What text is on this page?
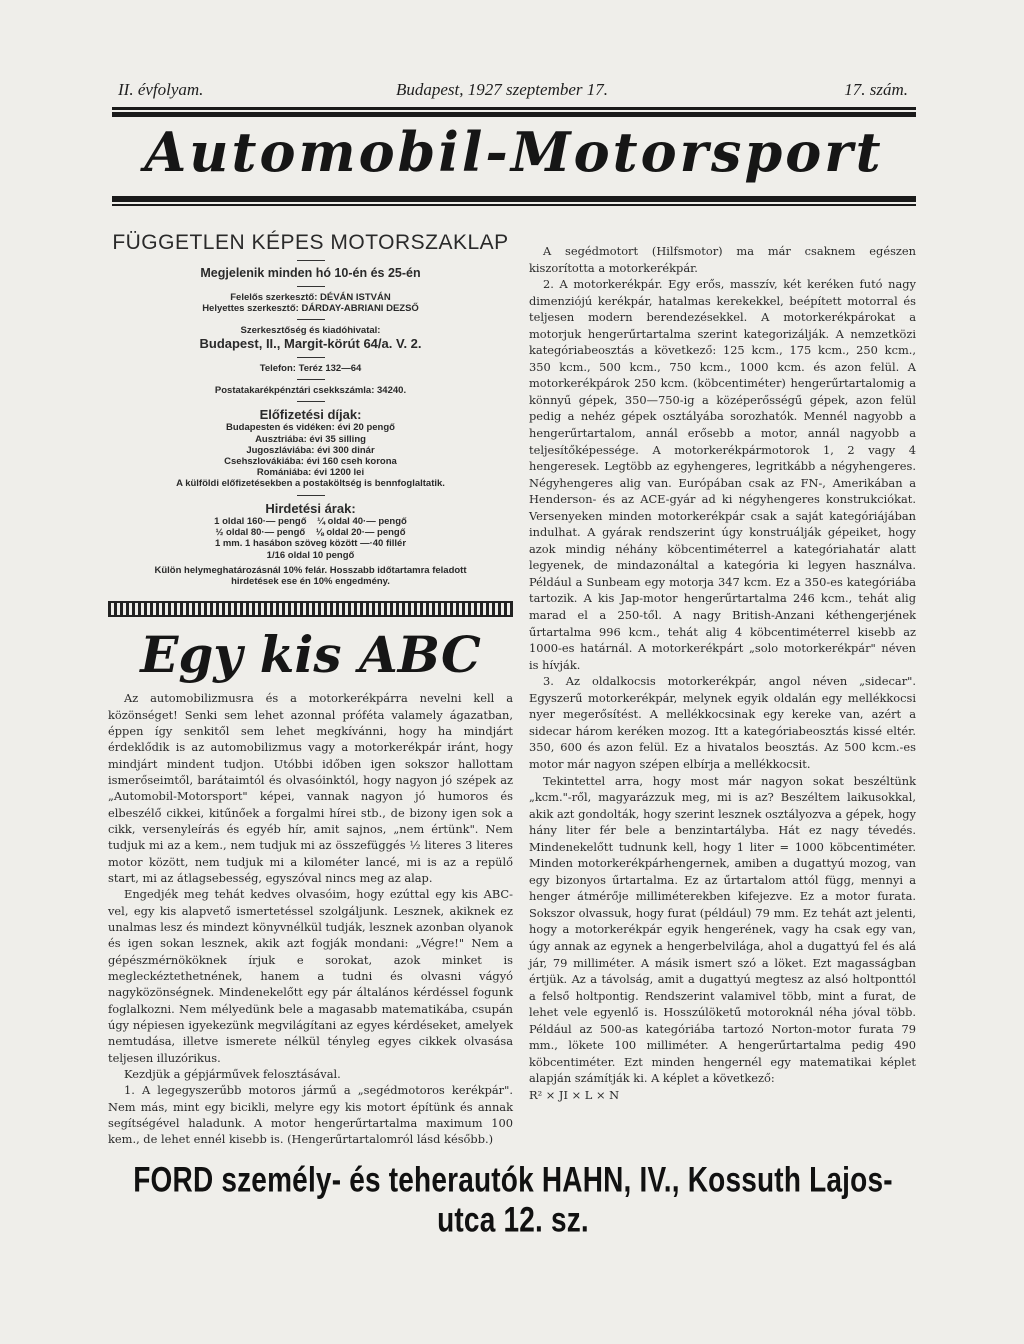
II. évfolyam.	Budapest, 1927 szeptember 17.	17. szám.
Automobil-Motorsport
FÜGGETLEN KÉPES MOTORSZAKLAP
Megjelenik minden hó 10-én és 25-én
Felelős szerkesztő: DÉVÁN ISTVÁN
Helyettes szerkesztő: DÁRDAY-ABRIANI DEZSŐ
Szerkesztőség és kiadóhivatal:
Budapest, II., Margit-körút 64/a. V. 2.
Telefon: Teréz 132—64
Postatakarékpénztári csekkszámla: 34240.
Előfizetési díjak:
Budapesten és vidéken: évi 20 pengő
Ausztriába: évi 35 silling
Jugoszláviába: évi 300 dinár
Csehszlovákiába: évi 160 cseh korona
Romániába: évi 1200 lei
A külföldi előfizetésekben a postaköltség is bennfoglaltatik.
Hirdetési árak:
1 oldal 160·— pengő    ¼ oldal 40·— pengő
½ oldal 80·— pengő    ⅛ oldal 20·— pengő
1 mm. 1 hasábon szöveg között —·40 fillér
1/16 oldal 10 pengő
Külön helymeghatározásnál 10% felár. Hosszabb időtartamra feladott
hirdetések ese én 10% engedmény.
Egy kis ABC

Az automobilizmusra és a motorkerékpárra nevelni kell a közönséget! Senki sem lehet azonnal próféta valamely ágazatban, éppen így senkitől sem lehet megkívánni, hogy ha mindjárt érdeklődik is az automobilizmus vagy a motorkerékpár iránt, hogy mindjárt mindent tudjon. Utóbbi időben igen sokszor hallottam ismerőseimtől, barátaimtól és olvasóinktól, hogy nagyon jó szépek az „Automobil-Motorsport" képei, vannak nagyon jó humoros és elbeszélő cikkei, kitűnőek a forgalmi hírei stb., de bizony igen sok a cikk, versenyleírás és egyéb hír, amit sajnos, „nem értünk". Nem tudjuk mi az a kem., nem tudjuk mi az összefüggés ½ literes 3 literes motor között, nem tudjuk mi a kilométer lancé, mi is az a repülő start, mi az átlagsebesség, egyszóval nincs meg az alap.

Engedjék meg tehát kedves olvasóim, hogy ezúttal egy kis ABC-vel, egy kis alapvető ismertetéssel szolgáljunk. Lesznek, akiknek ez unalmas lesz és mindezt könyvnélkül tudják, lesznek azonban olyanok és igen sokan lesznek, akik azt fogják mondani: „Végre!" Nem a gépészmérnököknek írjuk e sorokat, azok minket is megleckéztethetnének, hanem a tudni és olvasni vágyó nagyközönségnek. Mindenekelőtt egy pár általános kérdéssel fogunk foglalkozni. Nem mélyedünk bele a magasabb matematikába, csupán úgy népiesen igyekezünk megvilágítani az egyes kérdéseket, amelyek nemtudása, illetve ismerete nélkül tényleg egyes cikkek olvasása teljesen illuzórikus.

Kezdjük a gépjárművek felosztásával.

1. A legegyszerűbb motoros jármű a „segédmotoros kerékpár". Nem más, mint egy bicikli, melyre egy kis motort építünk és annak segítségével haladunk. A motor hengerűrtartalma maximum 100 kem., de lehet ennél kisebb is. (Hengerűrtartalomról lásd később.)

A segédmotort (Hilfsmotor) ma már csaknem egészen kiszorította a motorkerékpár.

2. A motorkerékpár. Egy erős, masszív, két keréken futó nagy dimenziójú kerékpár, hatalmas kerekekkel, beépített motorral és teljesen modern berendezésekkel. A motorkerékpárokat a motorjuk hengerűrtartalma szerint kategorizálják. A nemzetközi kategóriabeosztás a következő: 125 kcm., 175 kcm., 250 kcm., 350 kcm., 500 kcm., 750 kcm., 1000 kcm. és azon felül. A motorkerékpárok 250 kcm. (köbcentiméter) hengerűrtartalomig a könnyű gépek, 350—750-ig a középerősségű gépek, azon felül pedig a nehéz gépek osztályába sorozhatók. Mennél nagyobb a hengerűrtartalom, annál erősebb a motor, annál nagyobb a teljesítőképessége. A motorkerékpármotorok 1, 2 vagy 4 hengeresek. Legtöbb az egyhengeres, legritkább a négyhengeres. Négyhengeres alig van. Európában csak az FN-, Amerikában a Henderson- és az ACE-gyár ad ki négyhengeres konstrukciókat. Versenyeken minden motorkerékpár csak a saját kategóriájában indulhat. A gyárak rendszerint úgy konstruálják gépeiket, hogy azok mindig néhány köbcentiméterrel a kategóriahatár alatt legyenek, de mindazonáltal a kategória ki legyen használva. Például a Sunbeam egy motorja 347 kcm. Ez a 350-es kategóriába tartozik. A kis Jap-motor hengerűrtartalma 246 kcm., tehát alig marad el a 250-től. A nagy British-Anzani kéthengerjének űrtartalma 996 kcm., tehát alig 4 köbcentiméterrel kisebb az 1000-es határnál. A motorkerékpárt „solo motorkerékpár" néven is hívják.

3. Az oldalkocsis motorkerékpár, angol néven „sidecar". Egyszerű motorkerékpár, melynek egyik oldalán egy mellékkocsi nyer megerősítést. A mellékkocsinak egy kereke van, azért a sidecar három keréken mozog. Itt a kategóriabeosztás kissé eltér. 350, 600 és azon felül. Ez a hivatalos beosztás. Az 500 kcm.-es motor már nagyon szépen elbírja a mellékkocsit.

Tekintettel arra, hogy most már nagyon sokat beszéltünk „kcm."-ről, magyarázzuk meg, mi is az? Beszéltem laikusokkal, akik azt gondolták, hogy szerint lesznek osztályozva a gépek, hogy hány liter fér bele a benzintartályba. Hát ez nagy tévedés. Mindenekelőtt tudnunk kell, hogy 1 liter = 1000 köbcentiméter. Minden motorkerékpárhengernek, amiben a dugattyú mozog, van egy bizonyos űrtartalma. Ez az űrtartalom attól függ, mennyi a henger átmérője milliméterekben kifejezve. Ez a motor furata. Sokszor olvassuk, hogy furat (például) 79 mm. Ez tehát azt jelenti, hogy a motorkerékpár egyik hengerének, vagy ha csak egy van, úgy annak az egynek a hengerbelvilága, ahol a dugattyú fel és alá jár, 79 milliméter. A másik ismert szó a löket. Ezt magasságban értjük. Az a távolság, amit a dugattyú megtesz az alsó holtponttól a felső holtpontig. Rendszerint valamivel több, mint a furat, de lehet vele egyenlő is. Hosszúlöketű motoroknál néha jóval több. Például az 500-as kategóriába tartozó Norton-motor furata 79 mm., lökete 100 milliméter. A hengerűrtartalma pedig 490 köbcentiméter. Ezt minden hengernél egy matematikai képlet alapján számítják ki. A képlet a következő:

R² × JI × L × N

FORD személy- és teherautók HAHN, IV., Kossuth Lajos-utca 12. sz.
